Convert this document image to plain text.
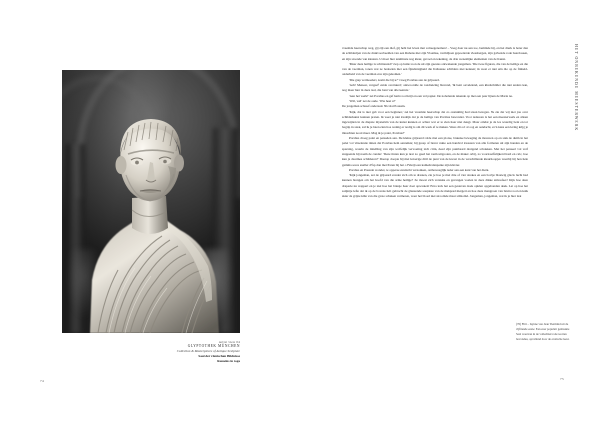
Artist view 04
GLYPTOTHEK MÜNCHEN
Collection & Masterpieces of Antique Sculpture
Saal der römischen Bildnisse
Romeins in toga
74

vreemde heerschap weg, gij zijt een dief, gij hebt het leven met u meegenomen! – Voeg daar nu aan toe, beminde hij, en het dierk is beter dan de schilderijen van de drukvoorbeelden van een Rubens met zijn Vlaamse, vermiljoen gepoederde vleesbergen, zijn galvende rode baardossen, en zijn stoonde van kleuren. U moet hier tenminste nog kleur, gevoel en tekening, de drie wezenlijke elementen van de Kunst.

'Maar deze heilige is schitterend!' riep op luide toon de uit zijn geestes ontwakende jongeman. 'Die twee figuren, die van de heilige en die van de veerman, tonen wat ze bedoelen met een fijnzinnigheid die Italiaanse schilders niet kennen; ik weet er niet één die op de finheid-onderheid van de veerman zou zijn gekomen.'

'Die grap vermoedert, komt die bij u?' vroeg Porsbus aan de grijsaard.

'Ach! Meneer, vergeef' zeide overtuurd,' antwoordde de rondreizing blevend, 'Ik bent oevelelend, een kludschilder die niet anders kan, nog maar hier in deze taal, die bent van alle kennis.'

'Aan het werk!' zei Porsbus en gaf hem rood krijt en een vel papier. De nobelende tekende op met een paar lijnen de Maria na.

'Wél, wél' zei de oude. 'Wie heet u?'

De jongeman schreef onderaan: Nicolai Poussin.

'Kijk, dat is niet geb voor een beginner,' zei het vreemde heerschap dat zo onstuimig had staan betogen. 'Ik zie dat wij niet jou over schilderkunst kunnen praten. Ik weet je niet kwalijk dat je de heilige van Porsbus bewonder. Voor iedereen is het een meesterwerk en alleen ingewijden in de diepste mysteriën van de kunst kunnen er achter wat er te zien haar niet deugt. Maar omdat je de les waardig bent en tot begrip in staat, zal ik je laten zien hoe weinig er nodig is om dit werk af te maken. Wees dit oct al oog en aandacht, zo'n kans een lering krijg je misschien nooit meer. Mag ik je palet, Porsbus?'

Porsbus droeg palet en penselen aan. De kleine grijsaard rolde met een plotse, bruuske beweging de mouwen op en stak de duim in het palet vol vitselende tinten dat Porsbus hem aanreikte; hij greep of liever rukte een handvol kwasten van alle formaten uit zijn handen en de sparsing, waarin de tintelling van zijn wolfelijk vervoeting zich citin, deed zijn puntbaard dreigend schokken. Met het penseel vol verf stuppende hij naam de cander: 'Deze tinten kun je nret zo geed het raam uitgooien, en de maker orbij, zo voortreeffelijkerd hard en calc, hoe kun je daarmee schilderen?' Daarop doopte hij met kaverige ditil de punt van de kwast in de verschillende kleurhoopjes waarbij hij hen hele gamma sores sneller d'fsp dan met Paren bij het o Féletji een kathedralenpanie zijn klavier.

Porsbus en Poussin wonder, te opperse zendacht verzonken, ontbeweeglijk ieder aan een kant van het dierk.

'Kijk jongeman, zei de grijsaard zonder zich om te draaien, zie je hoe je met drie of vier strekes en een bovije blauwig glacis lucht had kunnen brengen om het hoofd van die arme heilige? Ze moest zich verzuku en gevangen voelen in deze dikke atmosfeer! Kijk hoe deze draperie nu wappert en je ziet hoe het briesje haar doet opwaaien! Erna leck het een gesteven doek opklen opgebonden deek. Let op hoe het satijntje lefte dat ik op de bovens heb gebracht de glanzende soupleze van de meisjesd mergeri en hoe deze mengroen van bruin rood en kalk skier de grijze kilte van die grote schaken vermeren, waar het bloed niet stroomde maar stilnomd. Jongeman, jongeman, wat ik je hier laat

HET ONBEKENDE MEESTERWERK
(76) Fitti – Isynne van Jean Tiermind uit de vijftiende eeuw. Een zeer populair gemaakte Saal waarvan in de volledinal rode teorien bevondeu, opvallend door de erotische leest.
75
